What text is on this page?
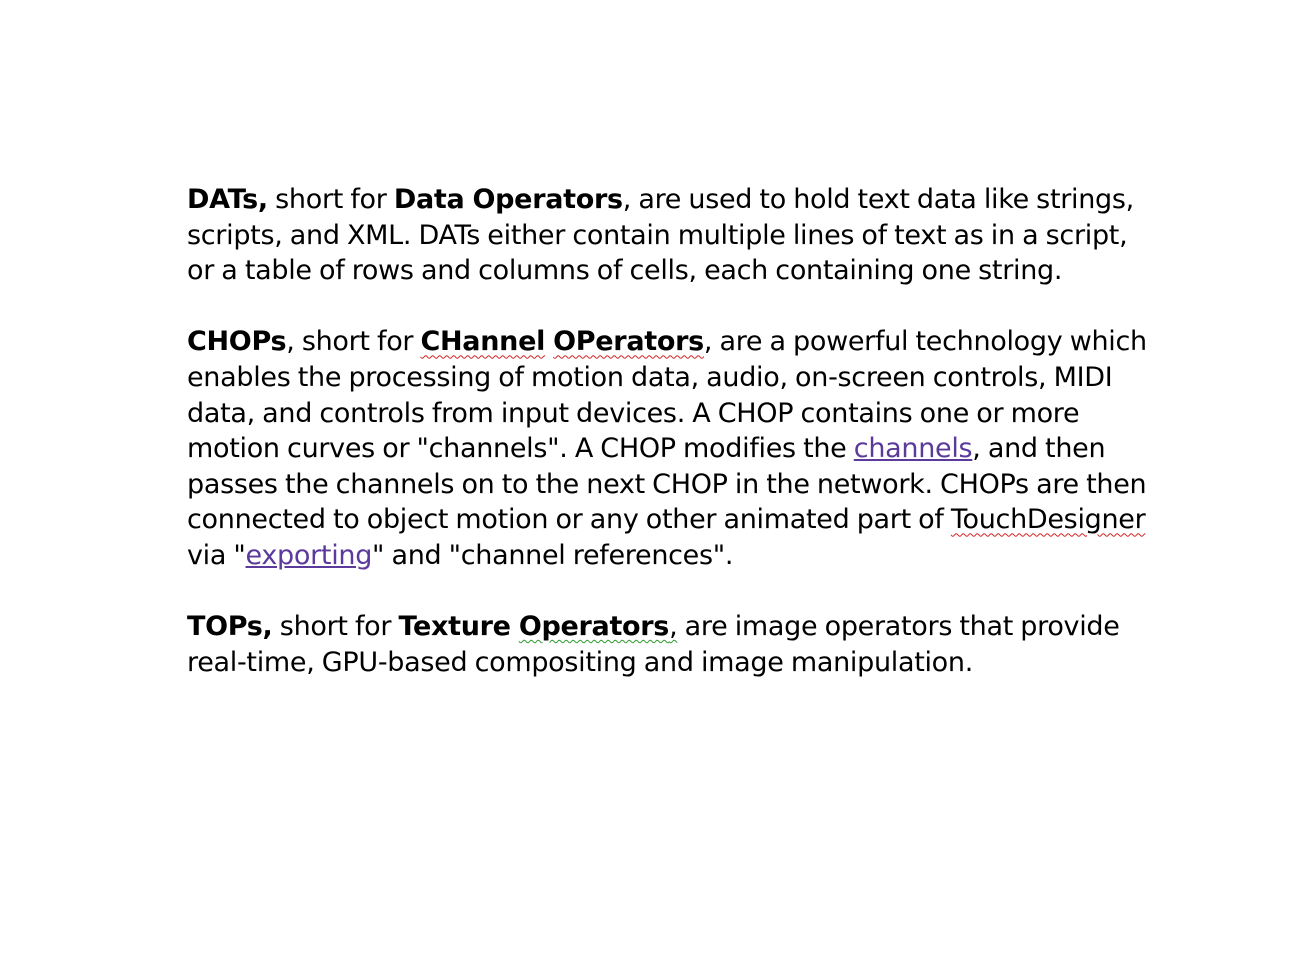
DATs, short for Data Operators, are used to hold text data like strings, scripts, and XML. DATs either contain multiple lines of text as in a script, or a table of rows and columns of cells, each containing one string.

CHOPs, short for CHannel OPerators, are a powerful technology which enables the processing of motion data, audio, on-screen controls, MIDI data, and controls from input devices. A CHOP contains one or more motion curves or "channels". A CHOP modifies the channels, and then passes the channels on to the next CHOP in the network. CHOPs are then connected to object motion or any other animated part of TouchDesigner via "exporting" and "channel references".

TOPs, short for Texture Operators, are image operators that provide real-time, GPU-based compositing and image manipulation.
